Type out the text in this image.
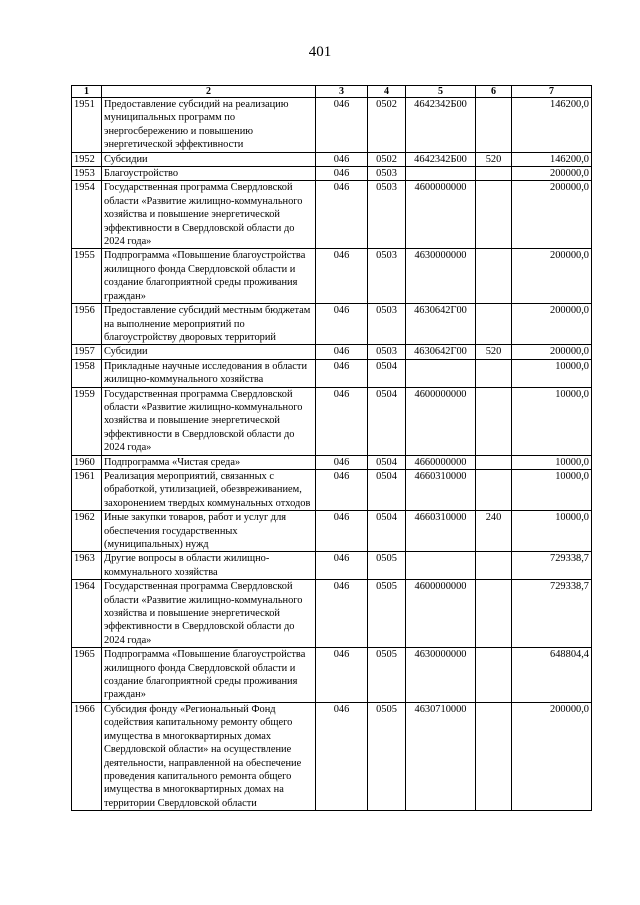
401
1	2	3	4	5	6	7
1951	Предоставление субсидий на реализацию муниципальных программ по энергосбережению и повышению энергетической эффективности	046	0502	4642342Б00		146200,0
1952	Субсидии	046	0502	4642342Б00	520	146200,0
1953	Благоустройство	046	0503			200000,0
1954	Государственная программа Свердловской области «Развитие жилищно-коммунального хозяйства и повышение энергетической эффективности в Свердловской области до 2024 года»	046	0503	4600000000		200000,0
1955	Подпрограмма «Повышение благоустройства жилищного фонда Свердловской области и создание благоприятной среды проживания граждан»	046	0503	4630000000		200000,0
1956	Предоставление субсидий местным бюджетам на выполнение мероприятий по благоустройству дворовых территорий	046	0503	4630642Г00		200000,0
1957	Субсидии	046	0503	4630642Г00	520	200000,0
1958	Прикладные научные исследования в области жилищно-коммунального хозяйства	046	0504			10000,0
1959	Государственная программа Свердловской области «Развитие жилищно-коммунального хозяйства и повышение энергетической эффективности в Свердловской области до 2024 года»	046	0504	4600000000		10000,0
1960	Подпрограмма «Чистая среда»	046	0504	4660000000		10000,0
1961	Реализация мероприятий, связанных с обработкой, утилизацией, обезвреживанием, захоронением твердых коммунальных отходов	046	0504	4660310000		10000,0
1962	Иные закупки товаров, работ и услуг для обеспечения государственных (муниципальных) нужд	046	0504	4660310000	240	10000,0
1963	Другие вопросы в области жилищно-коммунального хозяйства	046	0505			729338,7
1964	Государственная программа Свердловской области «Развитие жилищно-коммунального хозяйства и повышение энергетической эффективности в Свердловской области до 2024 года»	046	0505	4600000000		729338,7
1965	Подпрограмма «Повышение благоустройства жилищного фонда Свердловской области и создание благоприятной среды проживания граждан»	046	0505	4630000000		648804,4
1966	Субсидия фонду «Региональный Фонд содействия капитальному ремонту общего имущества в многоквартирных домах Свердловской области» на осуществление деятельности, направленной на обеспечение проведения капитального ремонта общего имущества в многоквартирных домах на территории Свердловской области	046	0505	4630710000		200000,0
